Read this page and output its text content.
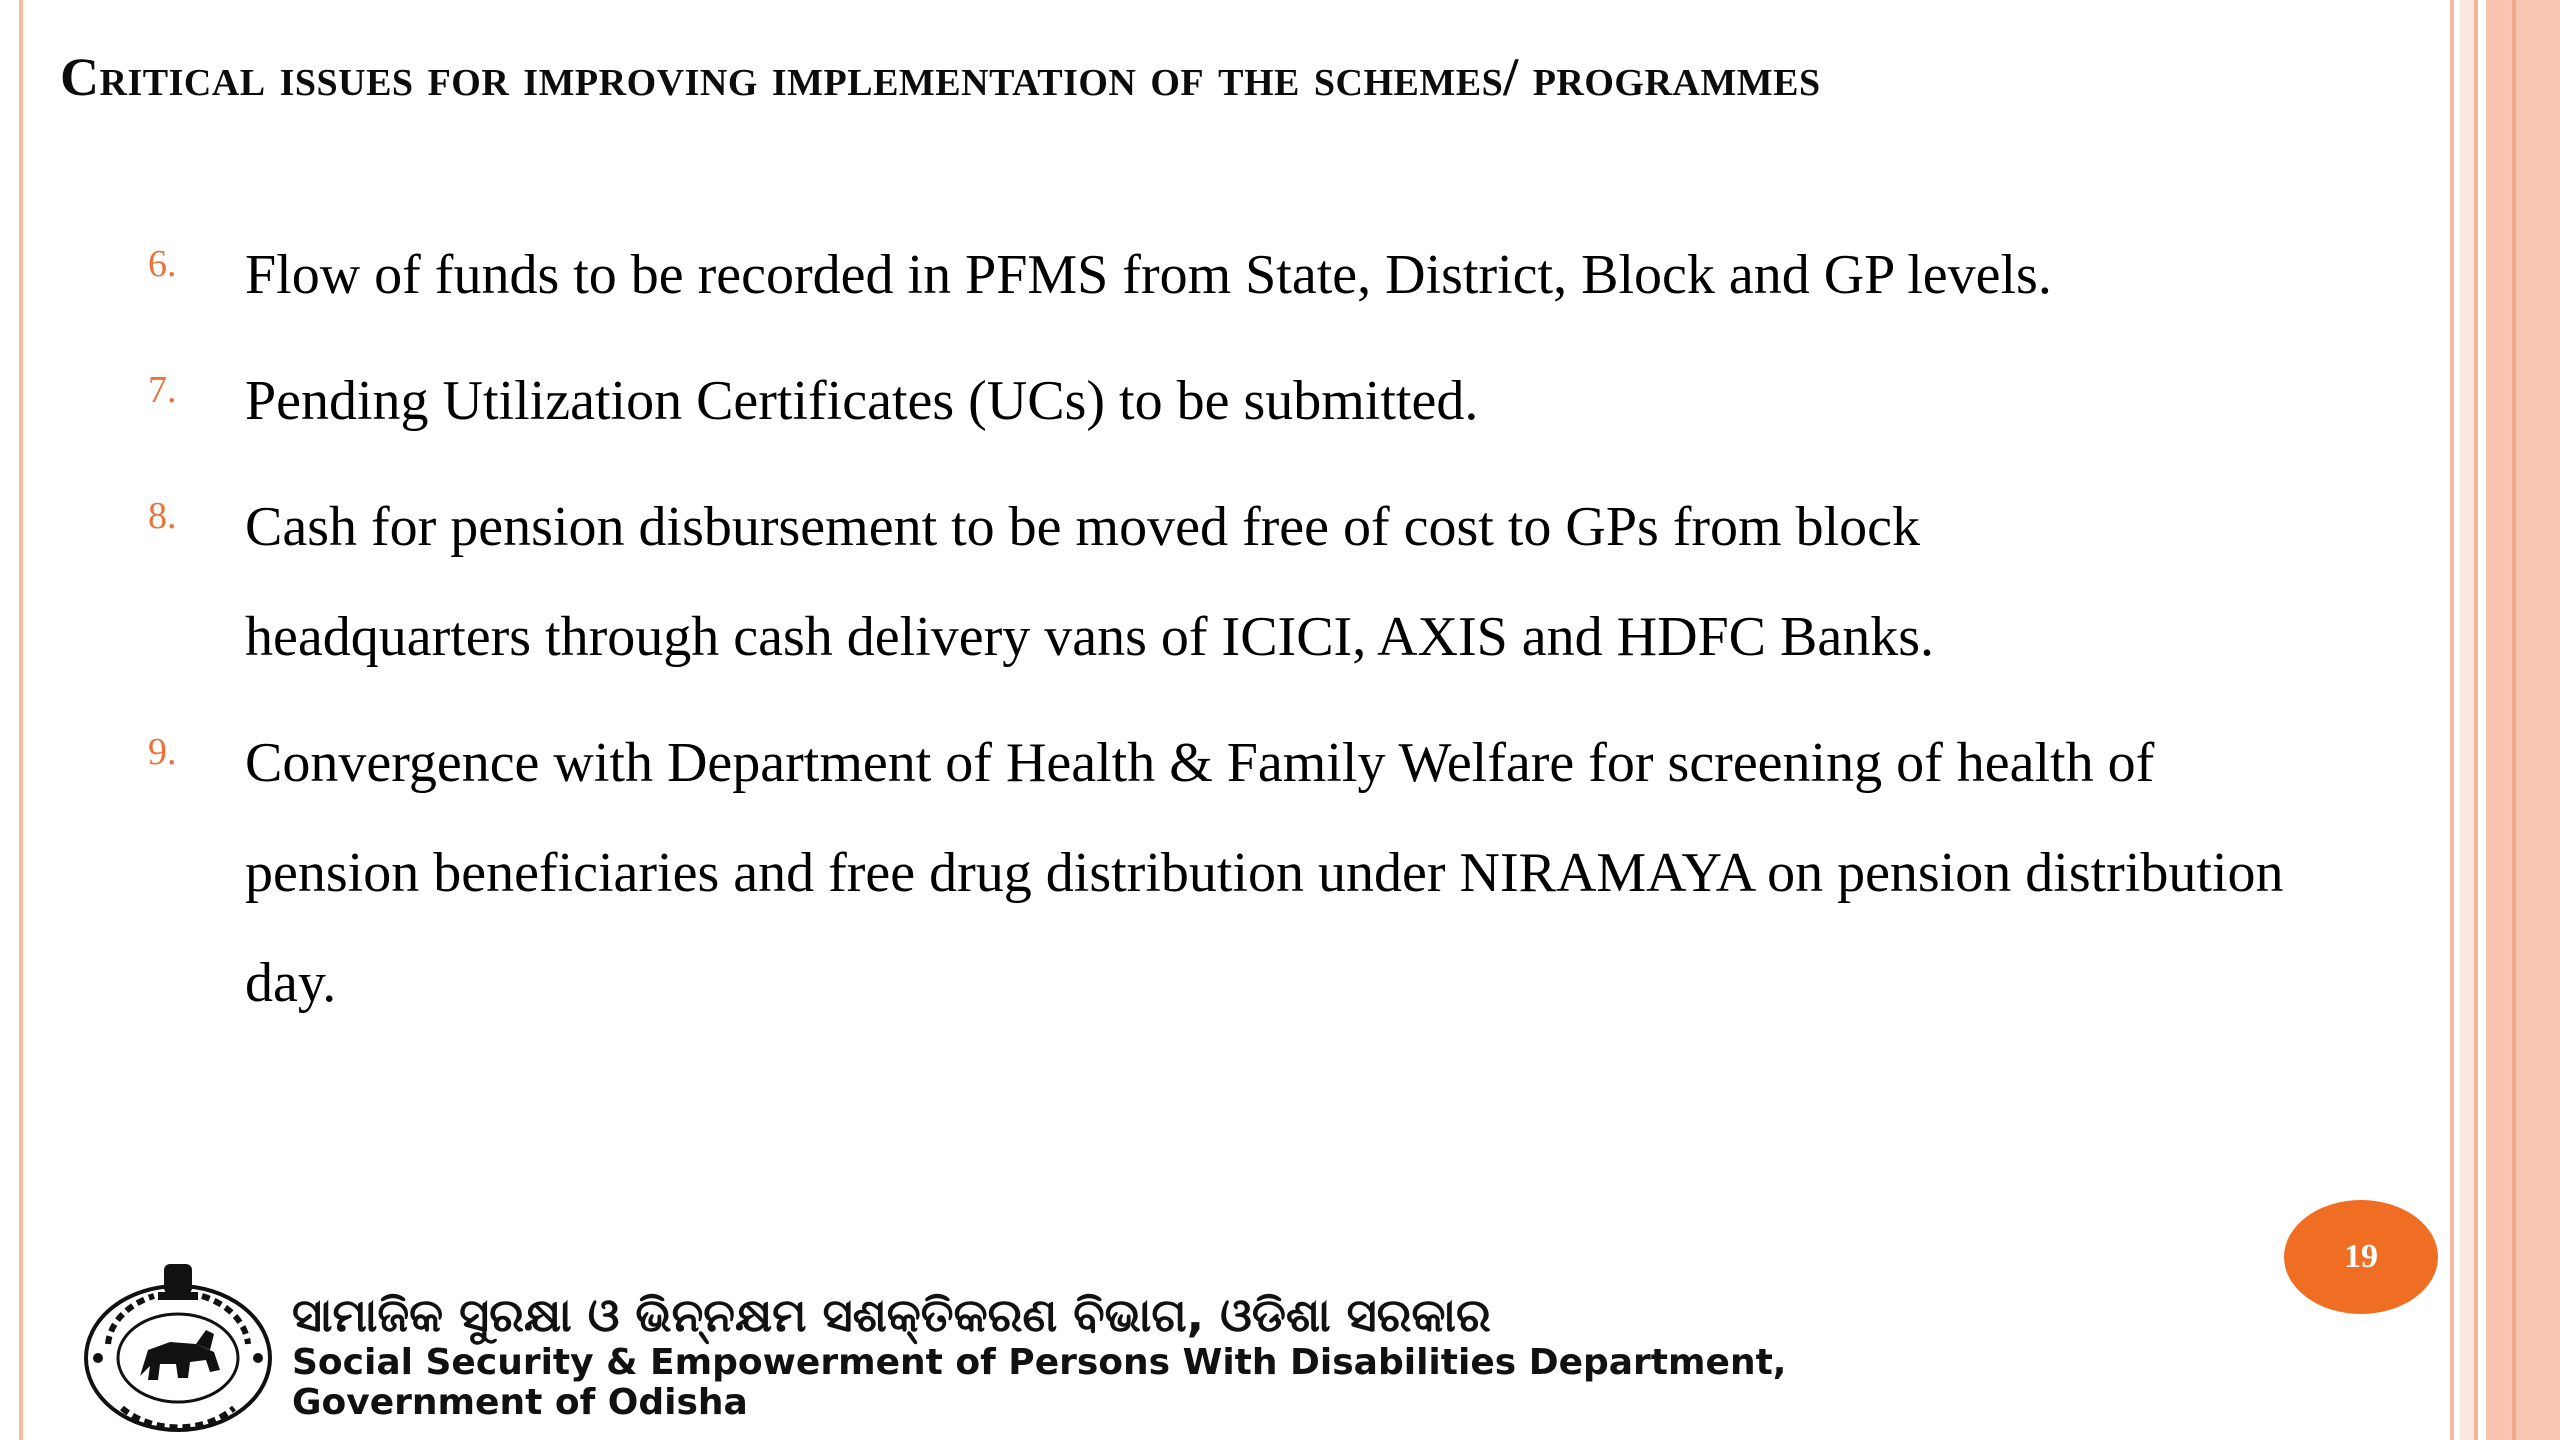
Critical issues for improving implementation of the schemes/ programmes
6. Flow of funds to be recorded in PFMS from State, District, Block and GP levels.
7. Pending Utilization Certificates (UCs) to be submitted.
8. Cash for pension disbursement to be moved free of cost to GPs from block headquarters through cash delivery vans of ICICI, AXIS and HDFC Banks.
9. Convergence with Department of Health & Family Welfare for screening of health of pension beneficiaries and free drug distribution under NIRAMAYA on pension distribution day.
19
ସାମାଜିକ ସୁରକ୍ଷା ଓ ଭିନ୍ନକ୍ଷମ ସଶକ୍ତିକରଣ ବିଭାଗ, ଓଡିଶା ସରକାର
Social Security & Empowerment of Persons With Disabilities Department,
Government of Odisha
